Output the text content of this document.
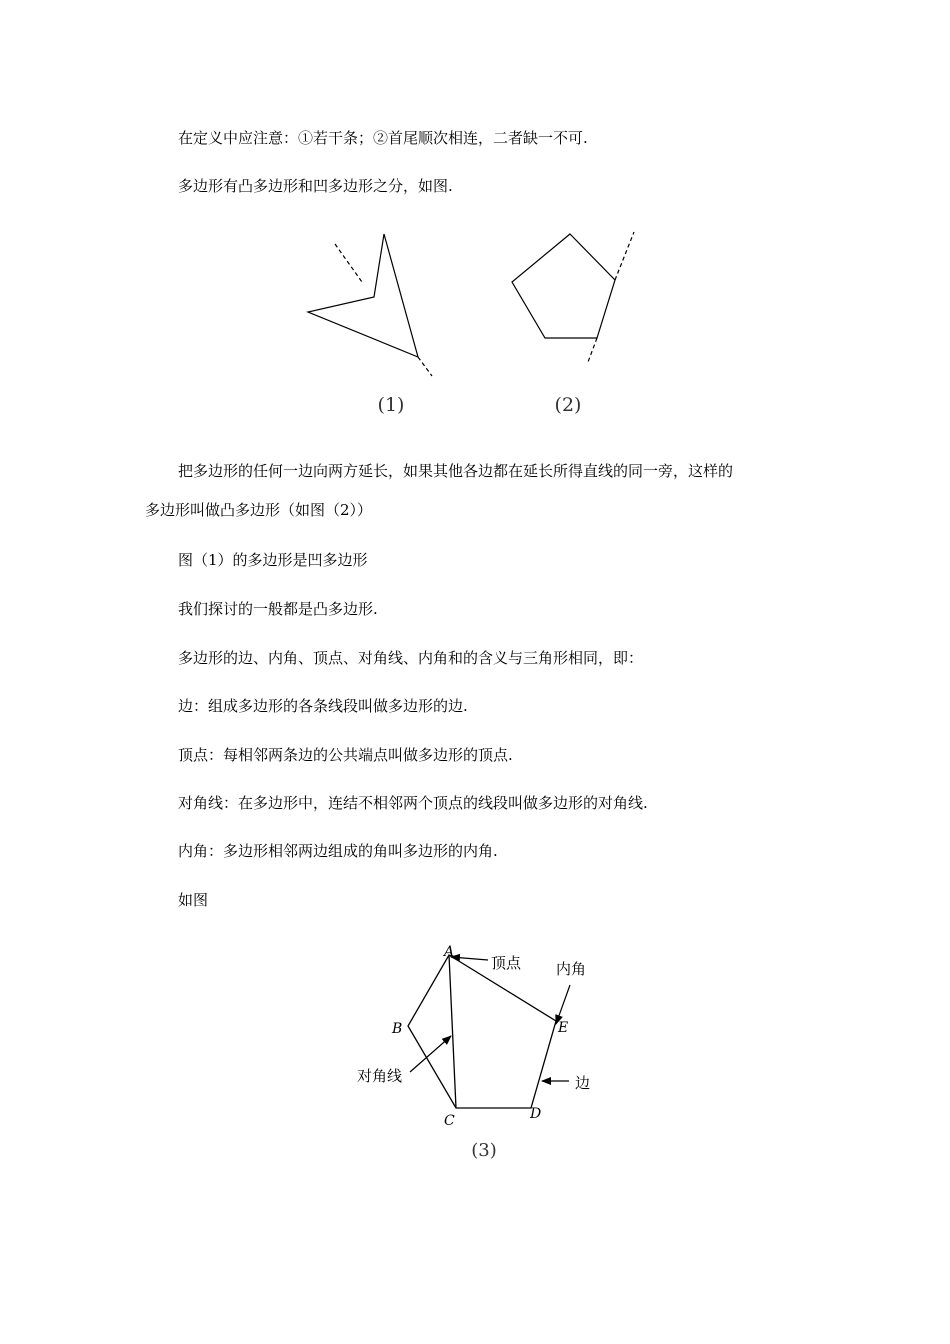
在定义中应注意：①若干条；②首尾顺次相连，二者缺一不可.
多边形有凸多边形和凹多边形之分，如图.
(1)	(2)
把多边形的任何一边向两方延长，如果其他各边都在延长所得直线的同一旁，这样的
多边形叫做凸多边形（如图（2））
图（1）的多边形是凹多边形
我们探讨的一般都是凸多边形.
多边形的边、内角、顶点、对角线、内角和的含义与三角形相同，即：
边：组成多边形的各条线段叫做多边形的边.
顶点：每相邻两条边的公共端点叫做多边形的顶点.
对角线：在多边形中，连结不相邻两个顶点的线段叫做多边形的对角线.
内角：多边形相邻两边组成的角叫多边形的内角.
如图
A
B
C	D
E
顶点 内角
对角线	边
(3)
